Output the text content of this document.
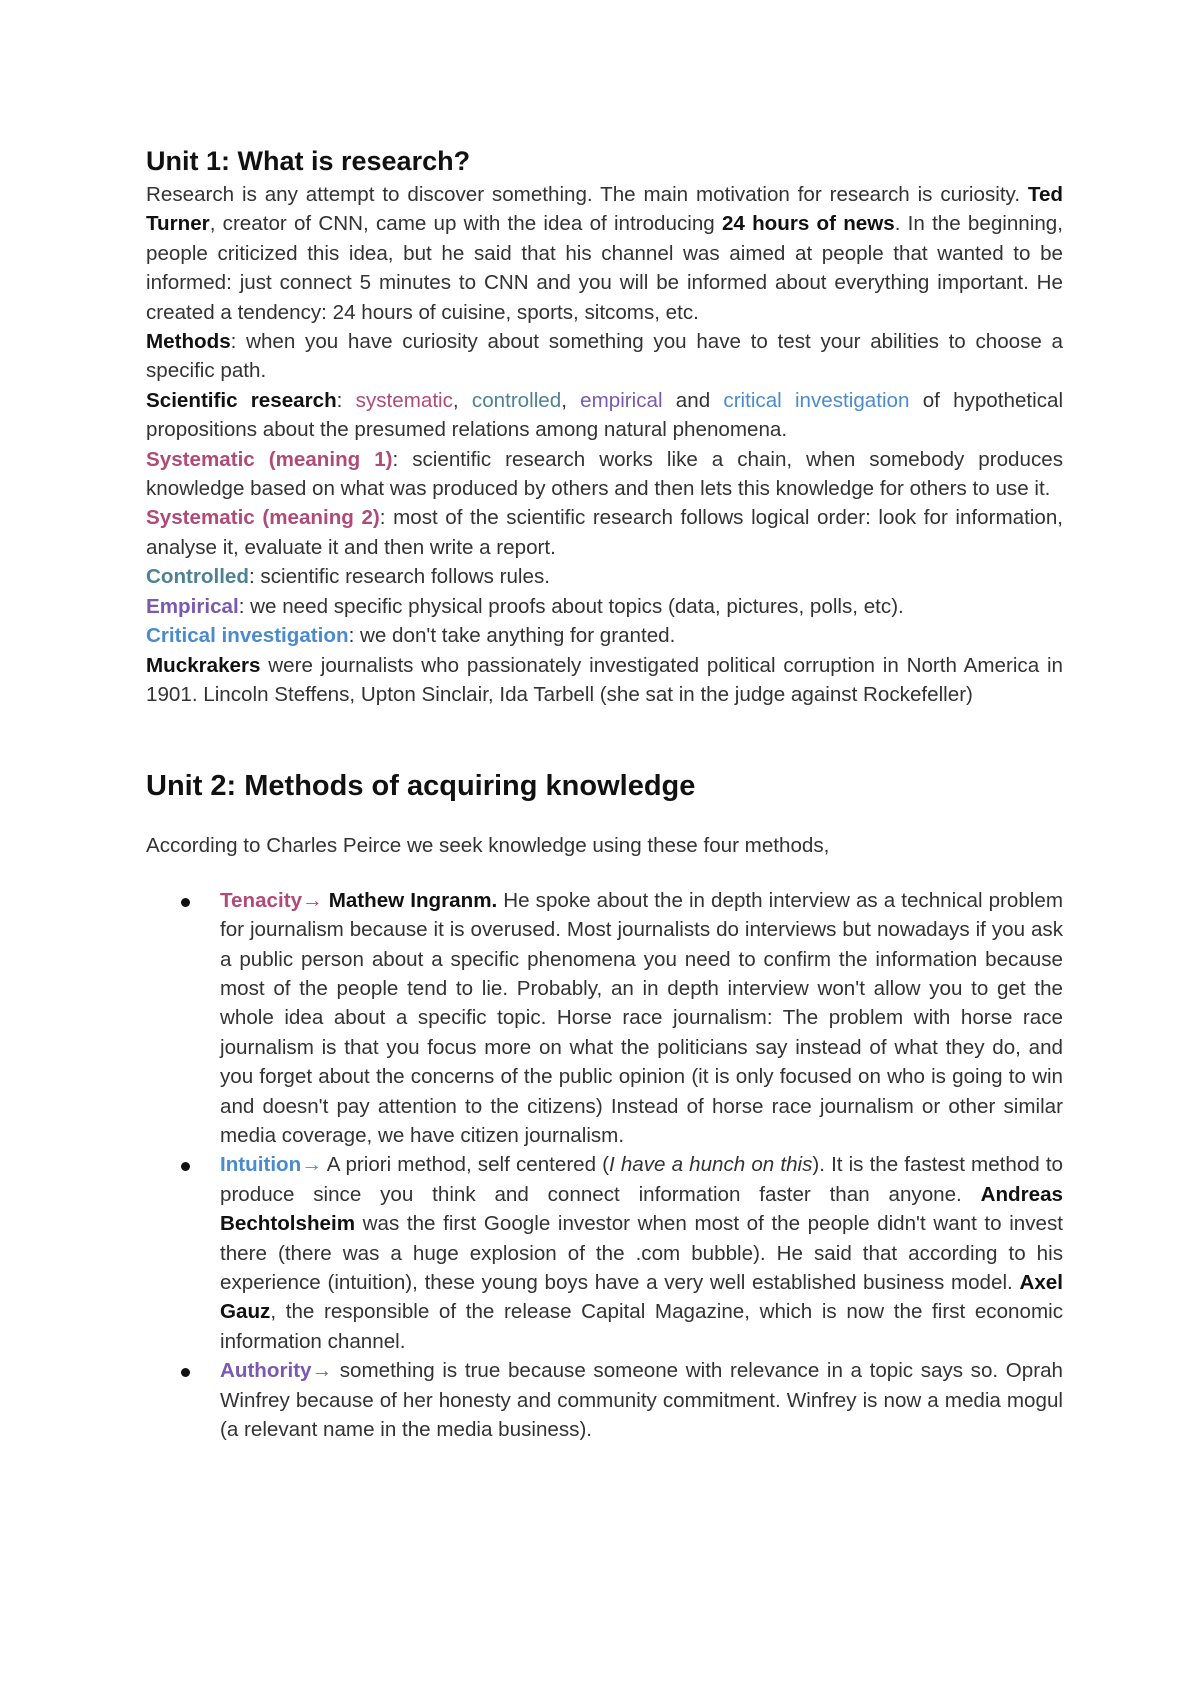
Unit 1: What is research?

Research is any attempt to discover something. The main motivation for research is curiosity. Ted Turner, creator of CNN, came up with the idea of introducing 24 hours of news. In the beginning, people criticized this idea, but he said that his channel was aimed at people that wanted to be informed: just connect 5 minutes to CNN and you will be informed about everything important. He created a tendency: 24 hours of cuisine, sports, sitcoms, etc.

Methods: when you have curiosity about something you have to test your abilities to choose a specific path.

Scientific research: systematic, controlled, empirical and critical investigation of hypothetical propositions about the presumed relations among natural phenomena.

Systematic (meaning 1): scientific research works like a chain, when somebody produces knowledge based on what was produced by others and then lets this knowledge for others to use it.

Systematic (meaning 2): most of the scientific research follows logical order: look for information, analyse it, evaluate it and then write a report.

Controlled: scientific research follows rules.

Empirical: we need specific physical proofs about topics (data, pictures, polls, etc).

Critical investigation: we don't take anything for granted.

Muckrakers were journalists who passionately investigated political corruption in North America in 1901. Lincoln Steffens, Upton Sinclair, Ida Tarbell (she sat in the judge against Rockefeller)

Unit 2: Methods of acquiring knowledge

According to Charles Peirce we seek knowledge using these four methods,

Tenacity→ Mathew Ingranm. He spoke about the in depth interview as a technical problem for journalism because it is overused. Most journalists do interviews but nowadays if you ask a public person about a specific phenomena you need to confirm the information because most of the people tend to lie. Probably, an in depth interview won't allow you to get the whole idea about a specific topic. Horse race journalism: The problem with horse race journalism is that you focus more on what the politicians say instead of what they do, and you forget about the concerns of the public opinion (it is only focused on who is going to win and doesn't pay attention to the citizens) Instead of horse race journalism or other similar media coverage, we have citizen journalism.
Intuition→ A priori method, self centered (I have a hunch on this). It is the fastest method to produce since you think and connect information faster than anyone. Andreas Bechtolsheim was the first Google investor when most of the people didn't want to invest there (there was a huge explosion of the .com bubble). He said that according to his experience (intuition), these young boys have a very well established business model. Axel Gauz, the responsible of the release Capital Magazine, which is now the first economic information channel.
Authority→ something is true because someone with relevance in a topic says so. Oprah Winfrey because of her honesty and community commitment. Winfrey is now a media mogul (a relevant name in the media business).
